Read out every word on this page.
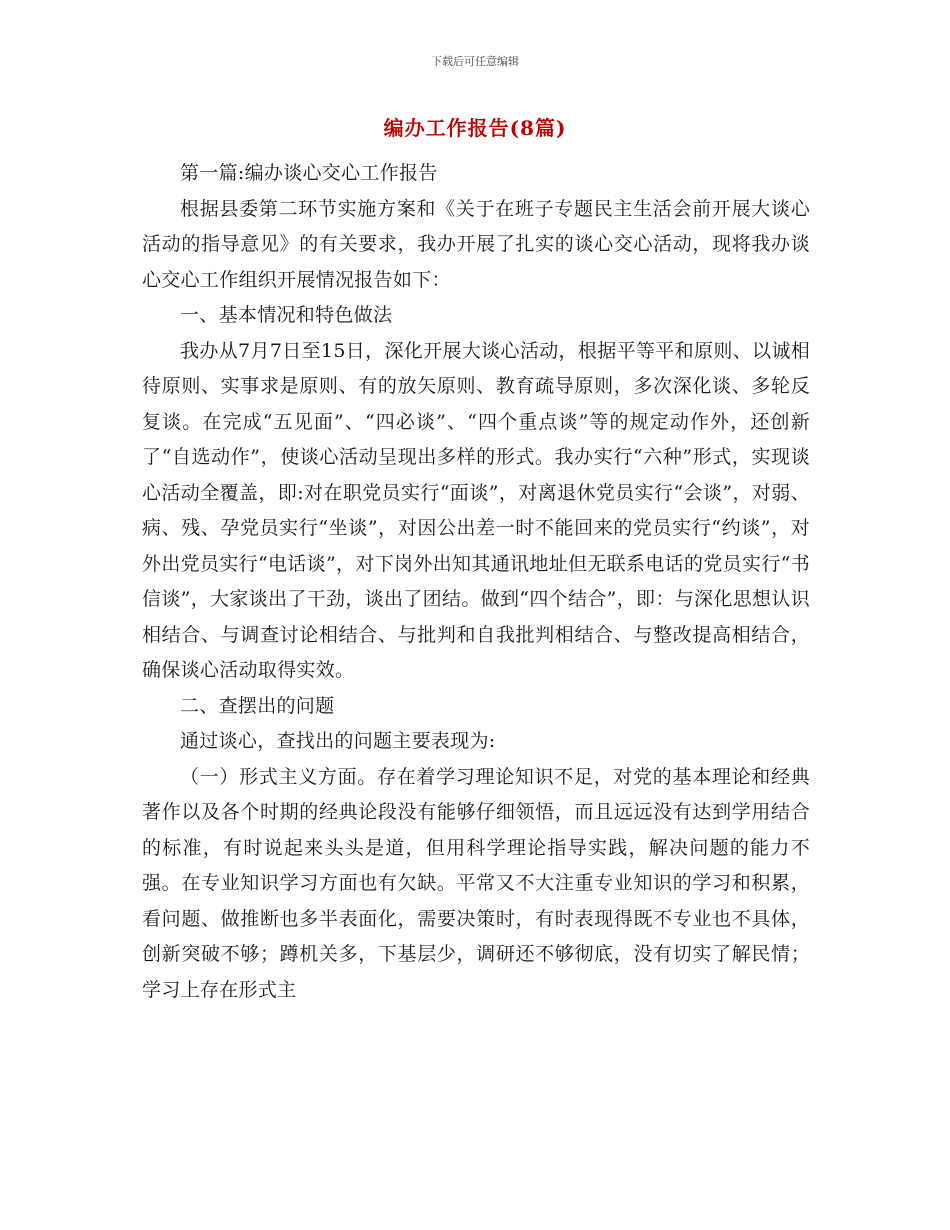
下载后可任意编辑
编办工作报告(8篇)

第一篇:编办谈心交心工作报告

根据县委第二环节实施方案和《关于在班子专题民主生活会前开展大谈心活动的指导意见》的有关要求，我办开展了扎实的谈心交心活动，现将我办谈心交心工作组织开展情况报告如下：

一、基本情况和特色做法

我办从7月7日至15日，深化开展大谈心活动，根据平等平和原则、以诚相待原则、实事求是原则、有的放矢原则、教育疏导原则，多次深化谈、多轮反复谈。在完成“五见面”、“四必谈”、“四个重点谈”等的规定动作外，还创新了“自选动作”，使谈心活动呈现出多样的形式。我办实行“六种”形式，实现谈心活动全覆盖，即:对在职党员实行“面谈”，对离退休党员实行“会谈”，对弱、病、残、孕党员实行“坐谈”，对因公出差一时不能回来的党员实行“约谈”，对外出党员实行“电话谈”，对下岗外出知其通讯地址但无联系电话的党员实行“书信谈”，大家谈出了干劲，谈出了团结。做到“四个结合”，即：与深化思想认识相结合、与调查讨论相结合、与批判和自我批判相结合、与整改提高相结合，确保谈心活动取得实效。

二、查摆出的问题

通过谈心，查找出的问题主要表现为:

（一）形式主义方面。存在着学习理论知识不足，对党的基本理论和经典著作以及各个时期的经典论段没有能够仔细领悟，而且远远没有达到学用结合的标准，有时说起来头头是道，但用科学理论指导实践，解决问题的能力不强。在专业知识学习方面也有欠缺。平常又不大注重专业知识的学习和积累，看问题、做推断也多半表面化，需要决策时，有时表现得既不专业也不具体，创新突破不够；蹲机关多，下基层少，调研还不够彻底，没有切实了解民情；学习上存在形式主
